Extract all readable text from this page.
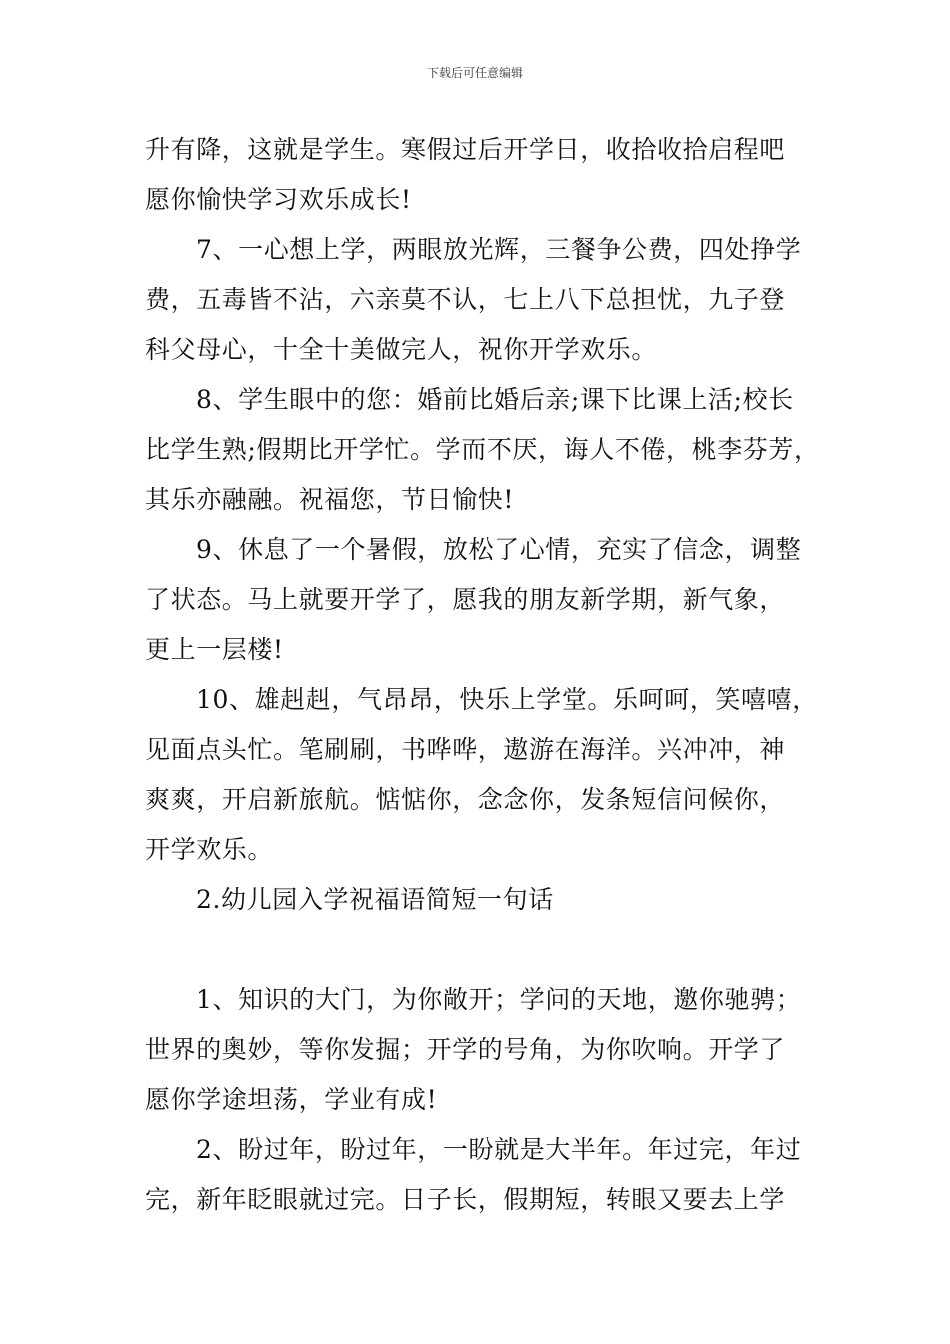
下载后可任意编辑
升有降，这就是学生。寒假过后开学日，收拾收拾启程吧
愿你愉快学习欢乐成长!
7、一心想上学，两眼放光辉，三餐争公费，四处挣学
费，五毒皆不沾，六亲莫不认，七上八下总担忧，九子登
科父母心，十全十美做完人，祝你开学欢乐。
8、学生眼中的您：婚前比婚后亲;课下比课上活;校长
比学生熟;假期比开学忙。学而不厌，诲人不倦，桃李芬芳，
其乐亦融融。祝福您，节日愉快!
9、休息了一个暑假，放松了心情，充实了信念，调整
了状态。马上就要开学了，愿我的朋友新学期，新气象，
更上一层楼!
10、雄赳赳，气昂昂，快乐上学堂。乐呵呵，笑嘻嘻，
见面点头忙。笔刷刷，书哗哗，遨游在海洋。兴冲冲，神
爽爽，开启新旅航。惦惦你，念念你，发条短信问候你，
开学欢乐。
2.幼儿园入学祝福语简短一句话
1、知识的大门，为你敞开；学问的天地，邀你驰骋；
世界的奥妙，等你发掘；开学的号角，为你吹响。开学了
愿你学途坦荡，学业有成!
2、盼过年，盼过年，一盼就是大半年。年过完，年过
完，新年眨眼就过完。日子长，假期短，转眼又要去上学
